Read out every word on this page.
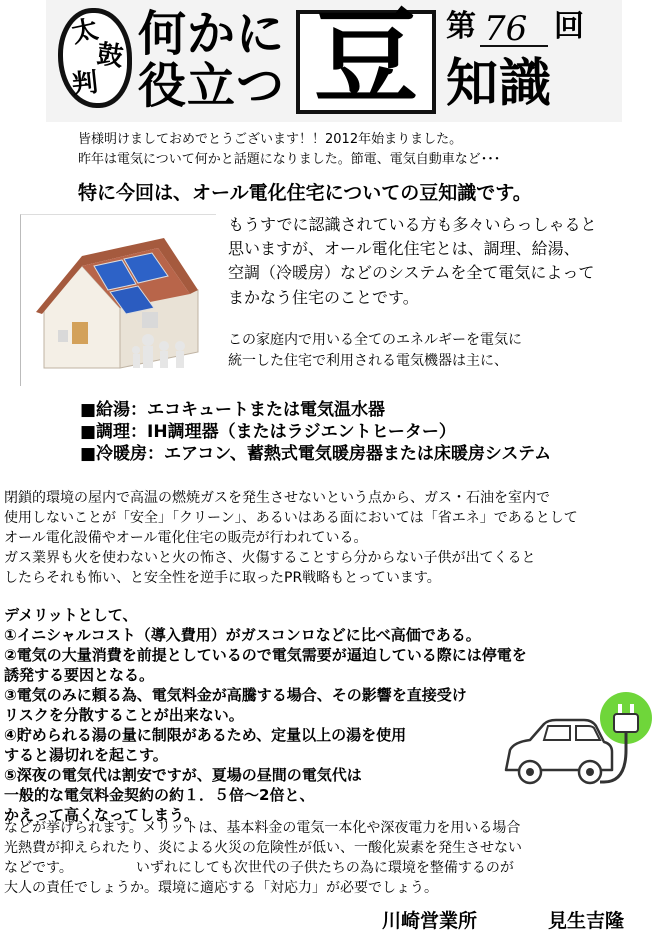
太
鼓
判
何かに
役立つ 豆 第 76 回
知識
皆様明けましておめでとうございます！！2012年始まりました。
昨年は電気について何かと話題になりました。節電、電気自動車など･･･
特に今回は、オール電化住宅についての豆知識です。
もうすでに認識されている方も多々いらっしゃると
思いますが、オール電化住宅とは、調理、給湯、
空調（冷暖房）などのシステムを全て電気によって
まかなう住宅のことです。
この家庭内で用いる全てのエネルギーを電気に
統一した住宅で利用される電気機器は主に、
■給湯：エコキュートまたは電気温水器
■調理：IH調理器（またはラジエントヒーター）
■冷暖房：エアコン、蓄熱式電気暖房器または床暖房システム
閉鎖的環境の屋内で高温の燃焼ガスを発生させないという点から、ガス・石油を室内で
使用しないことが「安全」「クリーン」、あるいはある面においては「省エネ」であるとして
オール電化設備やオール電化住宅の販売が行われている。
ガス業界も火を使わないと火の怖さ、火傷することすら分からない子供が出てくると
したらそれも怖い、と安全性を逆手に取ったPR戦略もとっています。
デメリットとして、
①イニシャルコスト（導入費用）がガスコンロなどに比べ高価である。
②電気の大量消費を前提としているので電気需要が逼迫している際には停電を
誘発する要因となる。
③電気のみに頼る為、電気料金が高騰する場合、その影響を直接受け
リスクを分散することが出来ない。
④貯められる湯の量に制限があるため、定量以上の湯を使用
すると湯切れを起こす。
⑤深夜の電気代は割安ですが、夏場の昼間の電気代は
一般的な電気料金契約の約１．５倍～2倍と、
かえって高くなってしまう。
などが挙げられます。メリットは、基本料金の電気一本化や深夜電力を用いる場合
光熱費が抑えられたり、炎による火災の危険性が低い、一酸化炭素を発生させない
などです。　　　　　いずれにしても次世代の子供たちの為に環境を整備するのが
大人の責任でしょうか。環境に適応する「対応力」が必要でしょう。
川崎営業所	見生吉隆
